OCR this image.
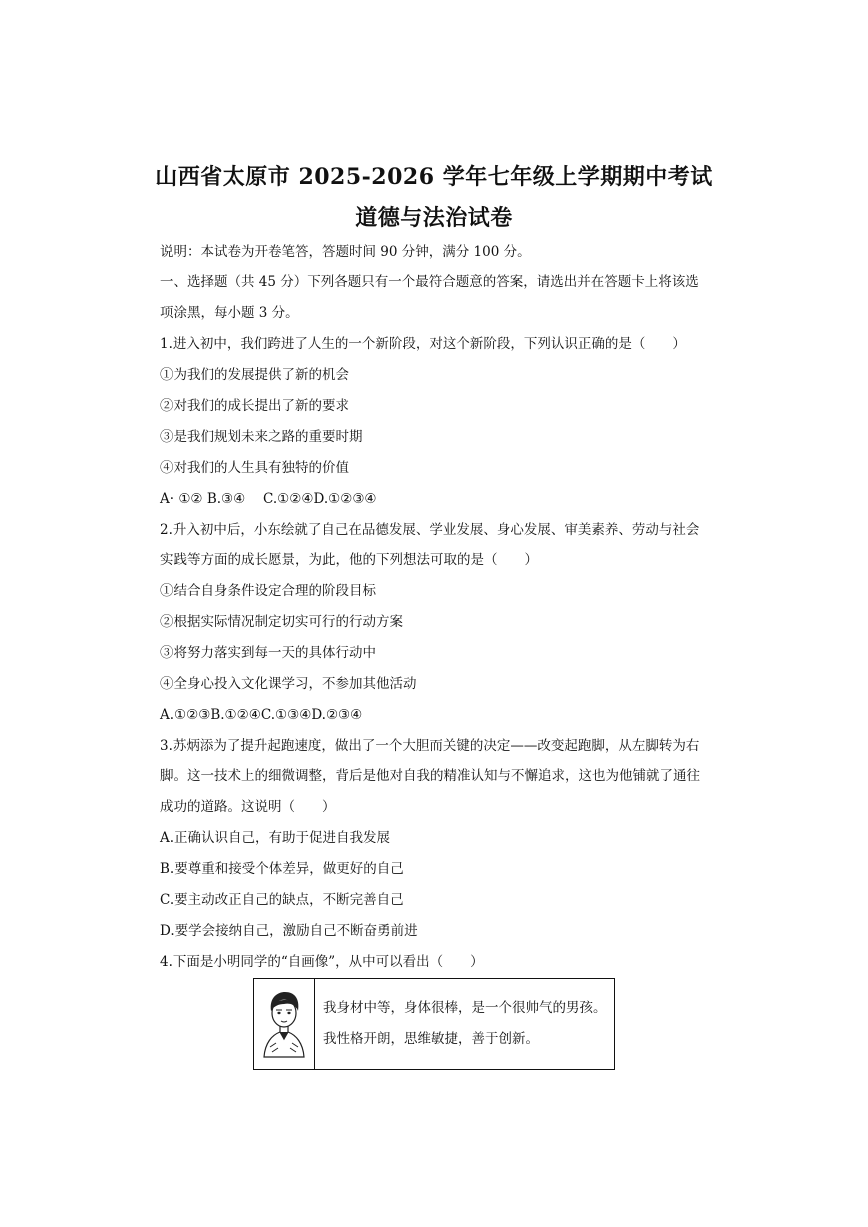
山西省太原市 2025-2026 学年七年级上学期期中考试
道德与法治试卷
说明：本试卷为开卷笔答，答题时间 90 分钟，满分 100 分。
一、选择题（共 45 分）下列各题只有一个最符合题意的答案，请选出并在答题卡上将该选
项涂黑，每小题 3 分。
1.进入初中，我们跨进了人生的一个新阶段，对这个新阶段，下列认识正确的是（　　）
①为我们的发展提供了新的机会
②对我们的成长提出了新的要求
③是我们规划未来之路的重要时期
④对我们的人生具有独特的价值
A· ①② B.③④　 C.①②④D.①②③④
2.升入初中后，小东绘就了自己在品德发展、学业发展、身心发展、审美素养、劳动与社会
实践等方面的成长愿景，为此，他的下列想法可取的是（　　）
①结合自身条件设定合理的阶段目标
②根据实际情况制定切实可行的行动方案
③将努力落实到每一天的具体行动中
④全身心投入文化课学习，不参加其他活动
A.①②③B.①②④C.①③④D.②③④
3.苏炳添为了提升起跑速度，做出了一个大胆而关键的决定——改变起跑脚，从左脚转为右
脚。这一技术上的细微调整，背后是他对自我的精准认知与不懈追求，这也为他铺就了通往
成功的道路。这说明（　　）
A.正确认识自己，有助于促进自我发展
B.要尊重和接受个体差异，做更好的自己
C.要主动改正自己的缺点，不断完善自己
D.要学会接纳自己，激励自己不断奋勇前进
4.下面是小明同学的“自画像”，从中可以看出（　　）
我身材中等，身体很棒，是一个很帅气的男孩。
我性格开朗，思维敏捷，善于创新。
